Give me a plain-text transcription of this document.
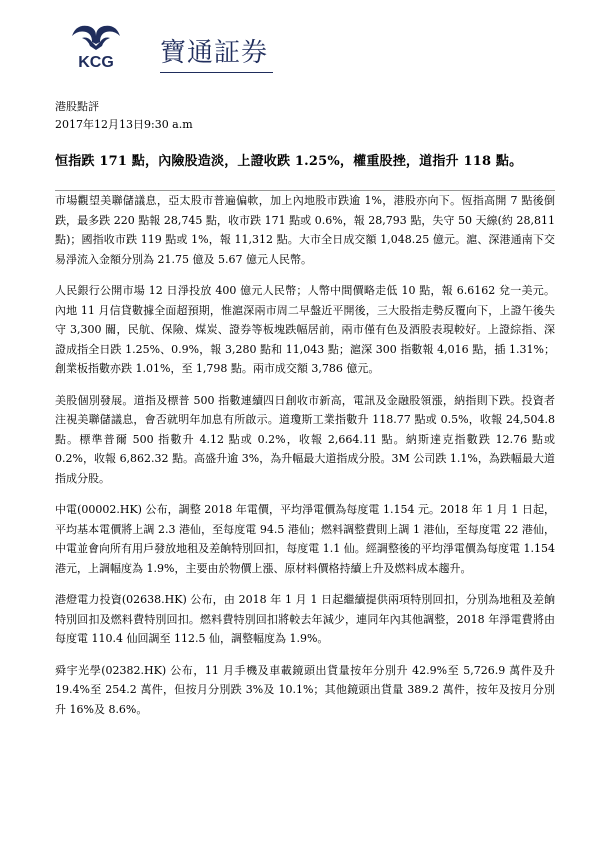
KCG 寶通証券
港股點評
2017年12月13日9:30 a.m
恒指跌 171 點，內險股造淡，上證收跌 1.25%，權重股挫，道指升 118 點。

市場觀望美聯儲議息，亞太股市普遍偏軟，加上內地股市跌逾 1%，港股亦向下。恆指高開 7 點後倒跌，最多跌 220 點報 28,745 點，收市跌 171 點或 0.6%，報 28,793 點，失守 50 天線(約 28,811 點)；國指收市跌 119 點或 1%，報 11,312 點。大市全日成交額 1,048.25 億元。滬、深港通南下交易淨流入金額分別為 21.75 億及 5.67 億元人民幣。

人民銀行公開市場 12 日淨投放 400 億元人民幣；人幣中間價略走低 10 點，報 6.6162 兌一美元。內地 11 月信貸數據全面超預期，惟滬深兩市周二早盤近平開後，三大股指走勢反覆向下，上證午後失守 3,300 關，民航、保險、煤炭、證券等板塊跌幅居前，兩市僅有色及酒股表現較好。上證綜指、深證成指全日跌 1.25%、0.9%，報 3,280 點和 11,043 點；滬深 300 指數報 4,016 點，插 1.31%；創業板指數亦跌 1.01%，至 1,798 點。兩市成交額 3,786 億元。

美股個別發展。道指及標普 500 指數連續四日創收市新高，電訊及金融股領漲，納指則下跌。投資者注視美聯儲議息，會否就明年加息有所啟示。道瓊斯工業指數升 118.77 點或 0.5%，收報 24,504.8 點。標準普爾 500 指數升 4.12 點或 0.2%，收報 2,664.11 點。納斯達克指數跌 12.76 點或 0.2%，收報 6,862.32 點。高盛升逾 3%，為升幅最大道指成分股。3M 公司跌 1.1%，為跌幅最大道指成分股。

中電(00002.HK) 公布，調整 2018 年電價，平均淨電價為每度電 1.154 元。2018 年 1 月 1 日起，平均基本電價將上調 2.3 港仙，至每度電 94.5 港仙；燃料調整費則上調 1 港仙，至每度電 22 港仙，中電並會向所有用戶發放地租及差餉特別回扣，每度電 1.1 仙。經調整後的平均淨電價為每度電 1.154 港元，上調幅度為 1.9%，主要由於物價上漲、原材料價格持續上升及燃料成本趨升。

港燈電力投資(02638.HK) 公布，由 2018 年 1 月 1 日起繼續提供兩項特別回扣，分別為地租及差餉特別回扣及燃料費特別回扣。燃料費特別回扣將較去年減少，連同年內其他調整，2018 年淨電費將由每度電 110.4 仙回調至 112.5 仙，調整幅度為 1.9%。

舜宇光學(02382.HK) 公布，11 月手機及車載鏡頭出貨量按年分別升 42.9%至 5,726.9 萬件及升 19.4%至 254.2 萬件，但按月分別跌 3%及 10.1%；其他鏡頭出貨量 389.2 萬件，按年及按月分別升 16%及 8.6%。
